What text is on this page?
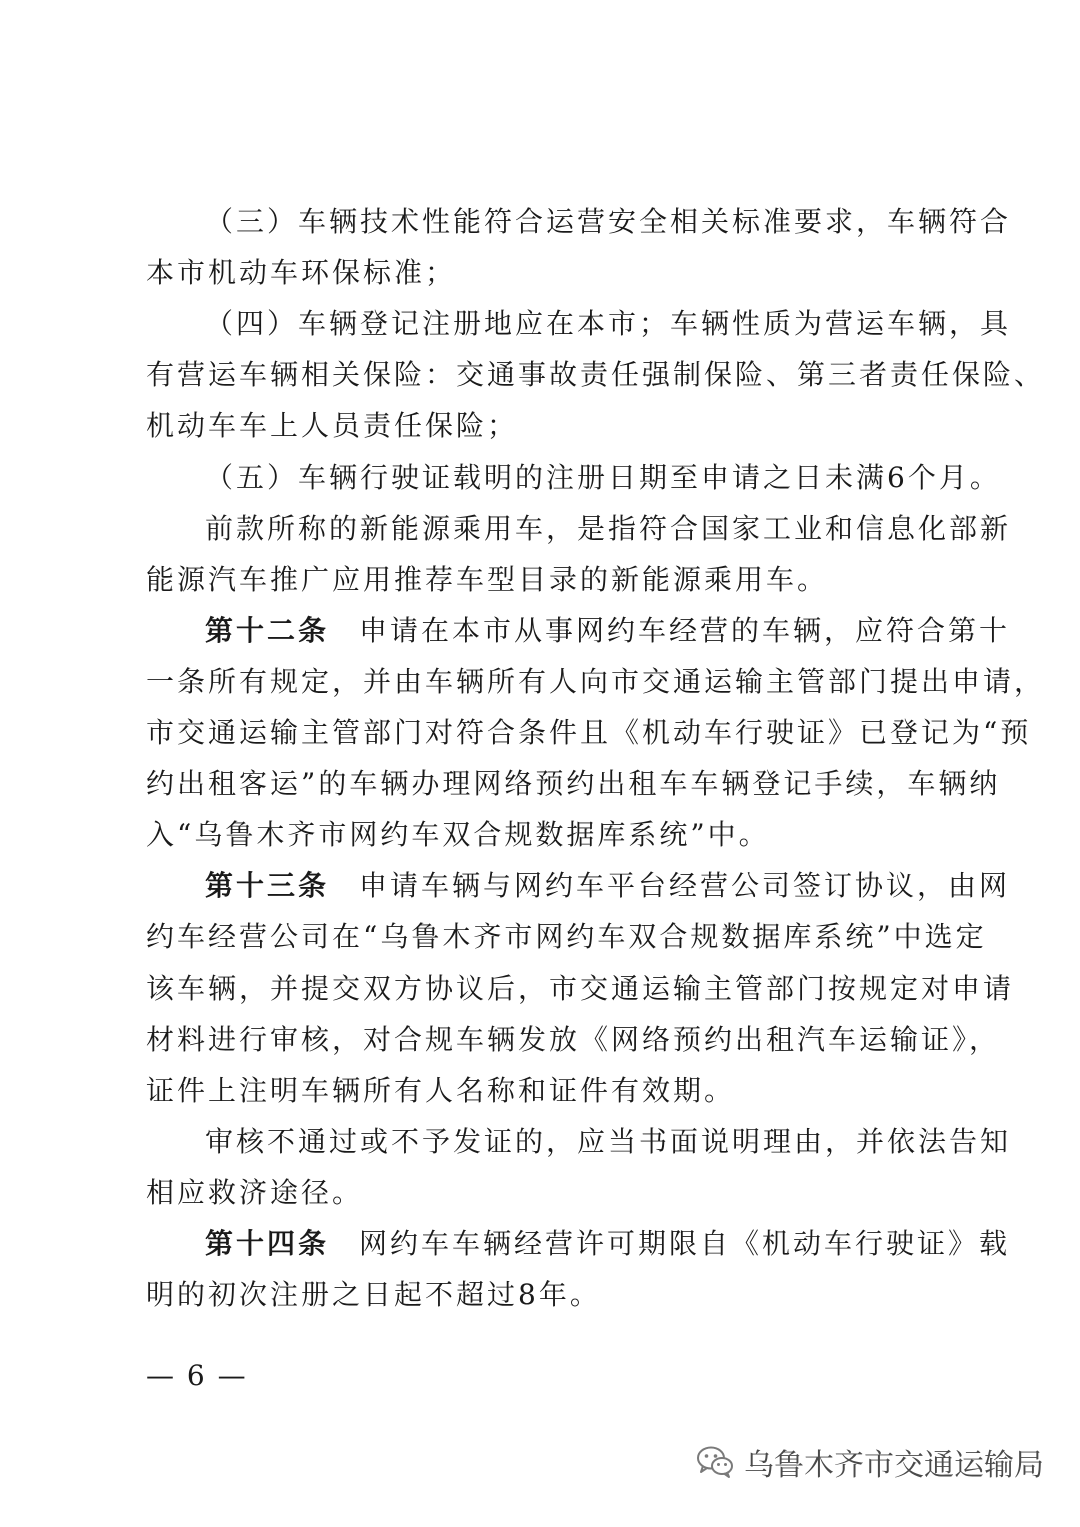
（三）车辆技术性能符合运营安全相关标准要求，车辆符合
本市机动车环保标准；
（四）车辆登记注册地应在本市；车辆性质为营运车辆，具
有营运车辆相关保险：交通事故责任强制保险、第三者责任保险、
机动车车上人员责任保险；
（五）车辆行驶证载明的注册日期至申请之日未满6个月。
前款所称的新能源乘用车，是指符合国家工业和信息化部新
能源汽车推广应用推荐车型目录的新能源乘用车。
第十二条 申请在本市从事网约车经营的车辆，应符合第十
一条所有规定，并由车辆所有人向市交通运输主管部门提出申请，
市交通运输主管部门对符合条件且《机动车行驶证》已登记为“预
约出租客运”的车辆办理网络预约出租车车辆登记手续，车辆纳
入“乌鲁木齐市网约车双合规数据库系统”中。
第十三条 申请车辆与网约车平台经营公司签订协议，由网
约车经营公司在“乌鲁木齐市网约车双合规数据库系统”中选定
该车辆，并提交双方协议后，市交通运输主管部门按规定对申请
材料进行审核，对合规车辆发放《网络预约出租汽车运输证》，
证件上注明车辆所有人名称和证件有效期。
审核不通过或不予发证的，应当书面说明理由，并依法告知
相应救济途径。
第十四条 网约车车辆经营许可期限自《机动车行驶证》载
明的初次注册之日起不超过8年。
— 6 —
乌鲁木齐市交通运输局
